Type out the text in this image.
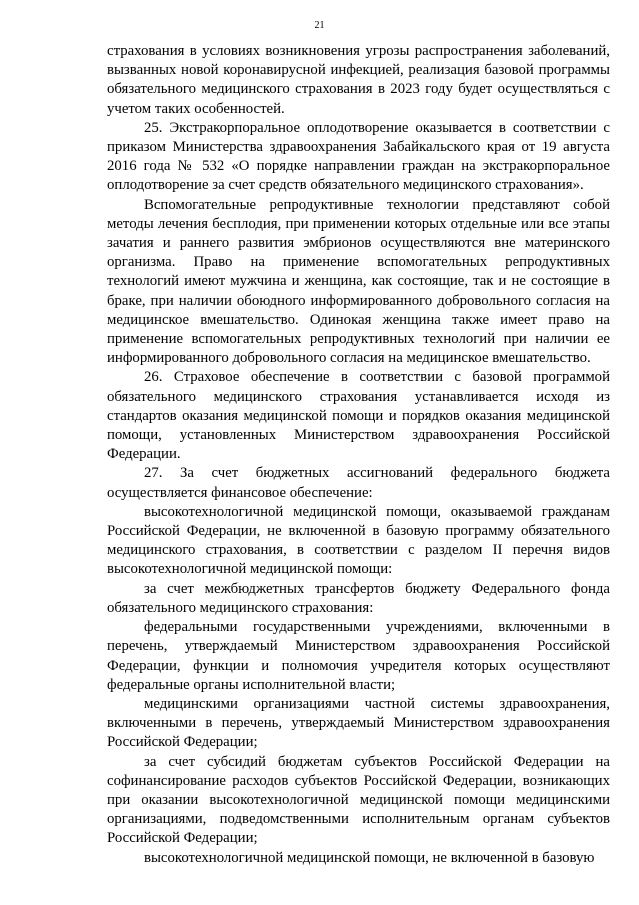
21

страхования в условиях возникновения угрозы распространения заболеваний, вызванных новой коронавирусной инфекцией, реализация базовой программы обязательного медицинского страхования в 2023 году будет осуществляться с учетом таких особенностей.

25. Экстракорпоральное оплодотворение оказывается в соответствии с приказом Министерства здравоохранения Забайкальского края от 19 августа 2016 года № 532 «О порядке направлении граждан на экстракорпоральное оплодотворение за счет средств обязательного медицинского страхования».

Вспомогательные репродуктивные технологии представляют собой методы лечения бесплодия, при применении которых отдельные или все этапы зачатия и раннего развития эмбрионов осуществляются вне материнского организма. Право на применение вспомогательных репродуктивных технологий имеют мужчина и женщина, как состоящие, так и не состоящие в браке, при наличии обоюдного информированного добровольного согласия на медицинское вмешательство. Одинокая женщина также имеет право на применение вспомогательных репродуктивных технологий при наличии ее информированного добровольного согласия на медицинское вмешательство.

26. Страховое обеспечение в соответствии с базовой программой обязательного медицинского страхования устанавливается исходя из стандартов оказания медицинской помощи и порядков оказания медицинской помощи, установленных Министерством здравоохранения Российской Федерации.

27. За счет бюджетных ассигнований федерального бюджета осуществляется финансовое обеспечение:

высокотехнологичной медицинской помощи, оказываемой гражданам Российской Федерации, не включенной в базовую программу обязательного медицинского страхования, в соответствии с разделом II перечня видов высокотехнологичной медицинской помощи:

за счет межбюджетных трансфертов бюджету Федерального фонда обязательного медицинского страхования:

федеральными государственными учреждениями, включенными в перечень, утверждаемый Министерством здравоохранения Российской Федерации, функции и полномочия учредителя которых осуществляют федеральные органы исполнительной власти;

медицинскими организациями частной системы здравоохранения, включенными в перечень, утверждаемый Министерством здравоохранения Российской Федерации;

за счет субсидий бюджетам субъектов Российской Федерации на софинансирование расходов субъектов Российской Федерации, возникающих при оказании высокотехнологичной медицинской помощи медицинскими организациями, подведомственными исполнительным органам субъектов Российской Федерации;

высокотехнологичной медицинской помощи, не включенной в базовую
